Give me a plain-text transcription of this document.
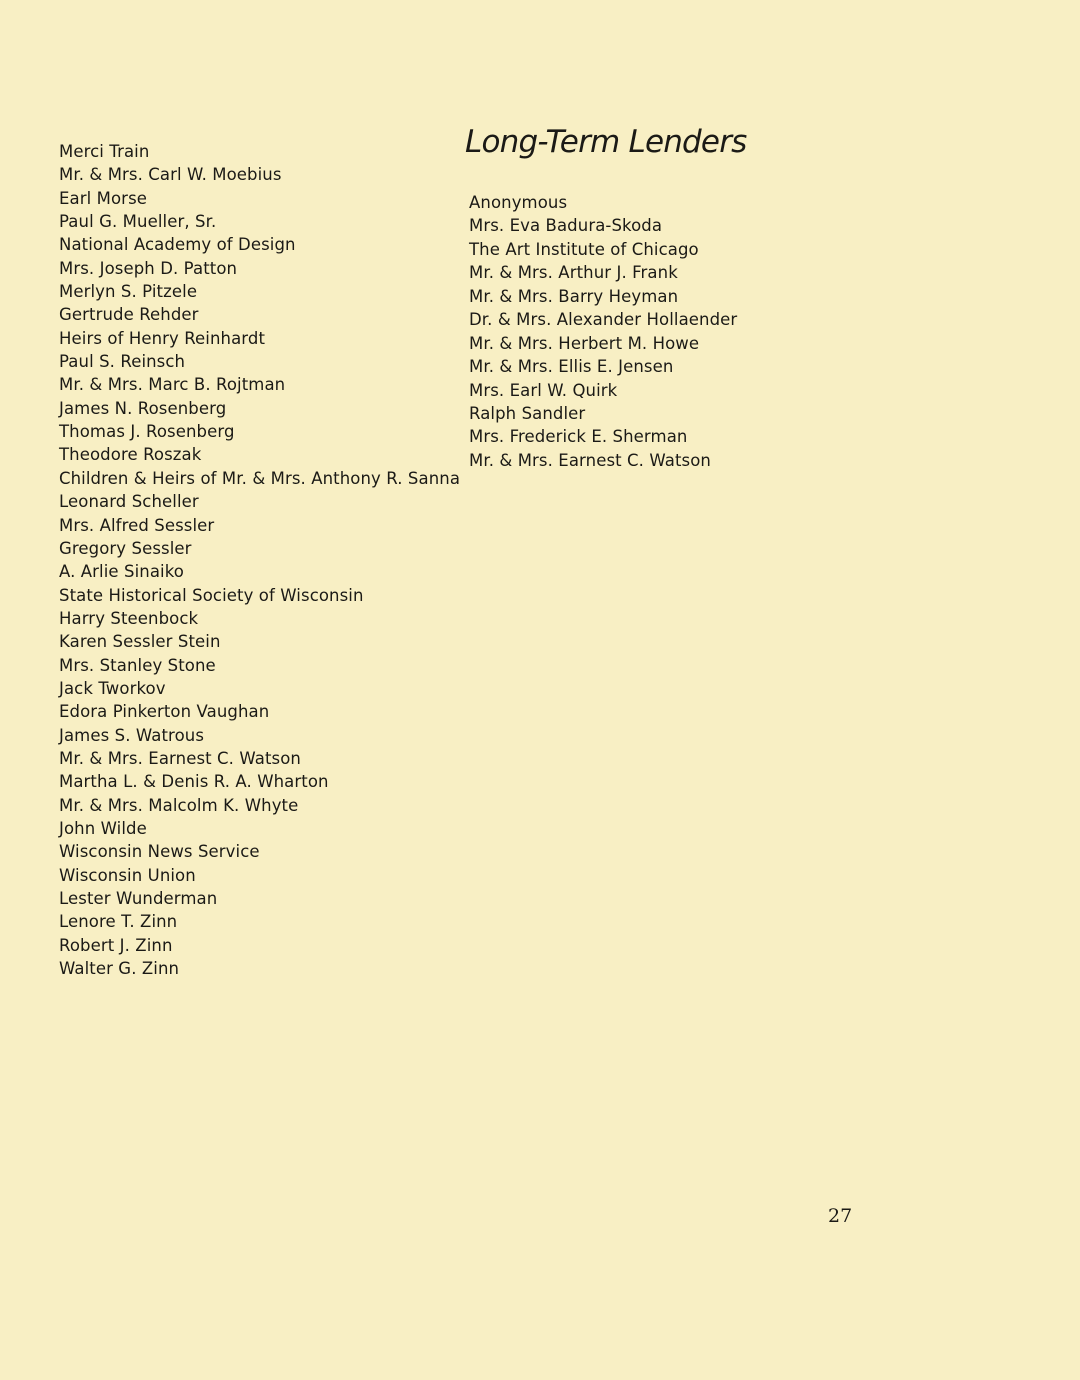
Merci Train
Mr. & Mrs. Carl W. Moebius
Earl Morse
Paul G. Mueller, Sr.
National Academy of Design
Mrs. Joseph D. Patton
Merlyn S. Pitzele
Gertrude Rehder
Heirs of Henry Reinhardt
Paul S. Reinsch
Mr. & Mrs. Marc B. Rojtman
James N. Rosenberg
Thomas J. Rosenberg
Theodore Roszak
Children & Heirs of Mr. & Mrs. Anthony R. Sanna
Leonard Scheller
Mrs. Alfred Sessler
Gregory Sessler
A. Arlie Sinaiko
State Historical Society of Wisconsin
Harry Steenbock
Karen Sessler Stein
Mrs. Stanley Stone
Jack Tworkov
Edora Pinkerton Vaughan
James S. Watrous
Mr. & Mrs. Earnest C. Watson
Martha L. & Denis R. A. Wharton
Mr. & Mrs. Malcolm K. Whyte
John Wilde
Wisconsin News Service
Wisconsin Union
Lester Wunderman
Lenore T. Zinn
Robert J. Zinn
Walter G. Zinn
Long-Term Lenders
Anonymous
Mrs. Eva Badura-Skoda
The Art Institute of Chicago
Mr. & Mrs. Arthur J. Frank
Mr. & Mrs. Barry Heyman
Dr. & Mrs. Alexander Hollaender
Mr. & Mrs. Herbert M. Howe
Mr. & Mrs. Ellis E. Jensen
Mrs. Earl W. Quirk
Ralph Sandler
Mrs. Frederick E. Sherman
Mr. & Mrs. Earnest C. Watson
27
